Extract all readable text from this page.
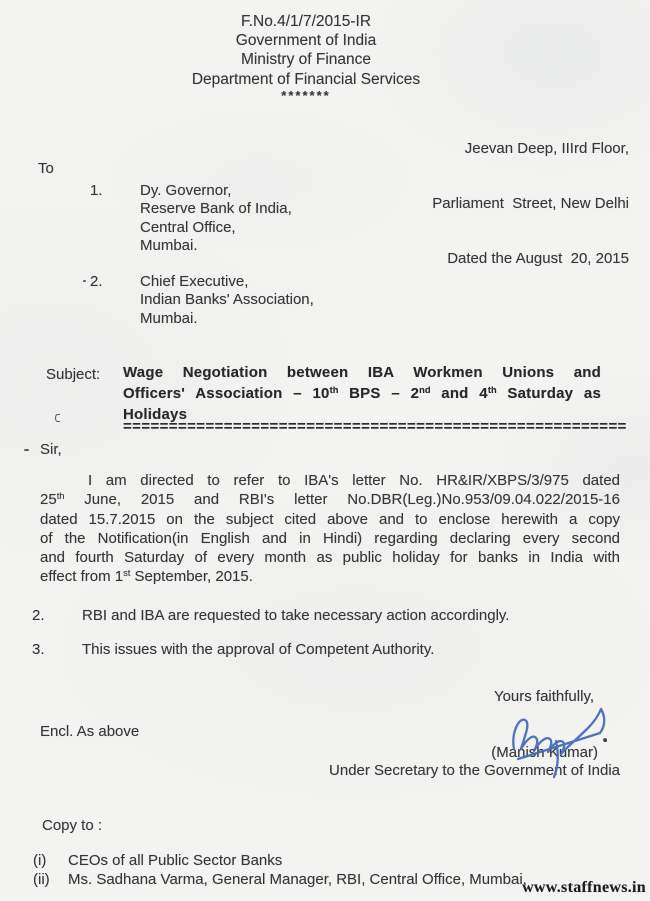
F.No.4/1/7/2015-IR
Government of India
Ministry of Finance
Department of Financial Services
*******

Jeevan Deep, IIIrd Floor,

Parliament  Street, New Delhi

Dated the August  20, 2015

To
1. Dy. Governor,
Reserve Bank of India,
Central Office,
Mumbai.
2. Chief Executive,
Indian Banks' Association,
Mumbai.
Subject: Wage Negotiation between IBA Workmen Unions and
Officers' Association – 10th BPS – 2nd and 4th Saturday as
Holidays
=======================================================
Sir,
I am directed to refer to IBA's letter No. HR&IR/XBPS/3/975 dated
25th June, 2015 and RBI's letter No.DBR(Leg.)No.953/09.04.022/2015-16
dated 15.7.2015 on the subject cited above and to enclose herewith a copy
of the Notification(in English and in Hindi) regarding declaring every second
and fourth Saturday of every month as public holiday for banks in India with
effect from 1st September, 2015.
2. RBI and IBA are requested to take necessary action accordingly.
3. This issues with the approval of Competent Authority.
Yours faithfully,
(Manish Kumar)
Under Secretary to the Government of India
Encl. As above
Copy to :
(i) CEOs of all Public Sector Banks
(ii) Ms. Sadhana Varma, General Manager, RBI, Central Office, Mumbai.
www.staffnews.in
